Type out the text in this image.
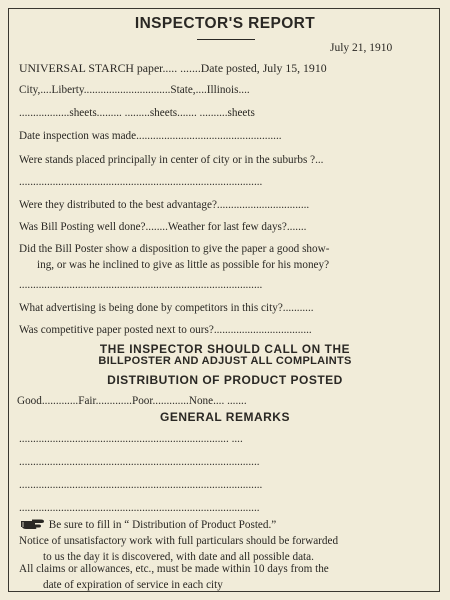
INSPECTOR'S REPORT
July 21, 1910
UNIVERSAL STARCH paper..... .......Date posted, July 15, 1910
City,....Liberty...............................State,....Illinois....
..................sheets......... .........sheets....... ..........sheets
Date inspection was made....................................................
Were stands placed principally in center of city or in the suburbs ?...
.......................................................................................
Were they distributed to the best advantage?.................................
Was Bill Posting well done?........Weather for last few days?.......
Did the Bill Poster show a disposition to give the paper a good show-
ing, or was he inclined to give as little as possible for his money?
.......................................................................................
What advertising is being done by competitors in this city?...........
Was competitive paper posted next to ours?...................................
THE INSPECTOR SHOULD CALL ON THE
BILLPOSTER AND ADJUST ALL COMPLAINTS
DISTRIBUTION OF PRODUCT POSTED
Good.............Fair.............Poor.............None.... .......
GENERAL REMARKS
........................................................................... ....
......................................................................................
.......................................................................................
......................................................................................
Be sure to fill in “ Distribution of Product Posted.”
Notice of unsatisfactory work with full particulars should be forwarded
to us the day it is discovered, with date and all possible data.
All claims or allowances, etc., must be made within 10 days from the
date of expiration of service in each city
